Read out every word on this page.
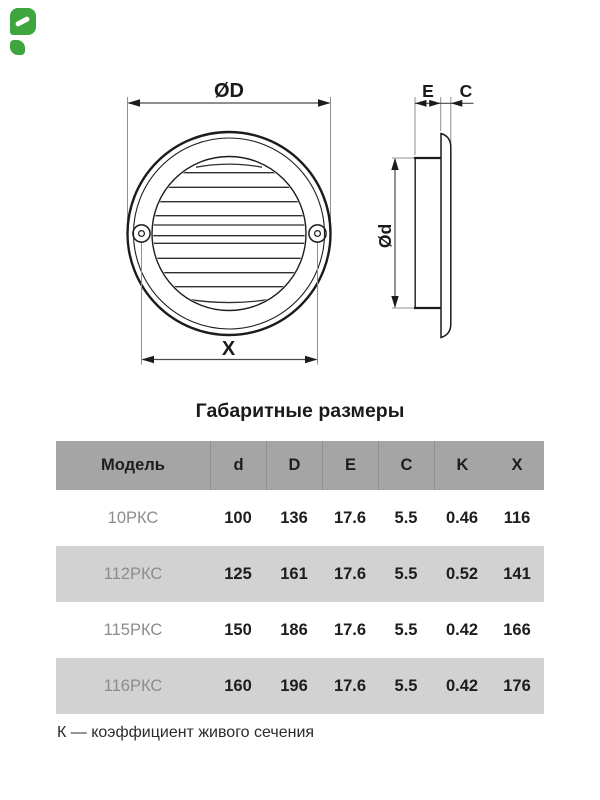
ØD
X
E C
Ød
Габаритные размеры
Модель	d	D	E	C	K	X
10РКС	100	136	17.6	5.5	0.46	116
112РКС	125	161	17.6	5.5	0.52	141
115РКС	150	186	17.6	5.5	0.42	166
116РКС	160	196	17.6	5.5	0.42	176
К — коэффициент живого сечения
